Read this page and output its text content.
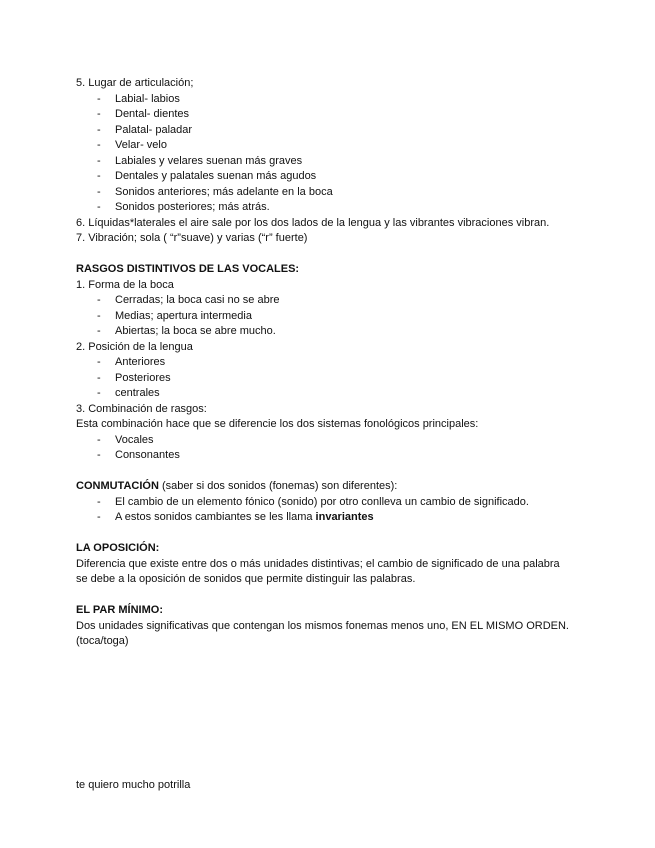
5. Lugar de articulación;
- Labial- labios
- Dental- dientes
- Palatal- paladar
- Velar- velo
- Labiales y velares suenan más graves
- Dentales y palatales suenan más agudos
- Sonidos anteriores; más adelante en la boca
- Sonidos posteriores; más atrás.
6. Líquidas*laterales el aire sale por los dos lados de la lengua y las vibrantes vibraciones vibran.
7. Vibración; sola ( “r”suave) y varias (“r” fuerte)
RASGOS DISTINTIVOS DE LAS VOCALES:
1. Forma de la boca
- Cerradas; la boca casi no se abre
- Medias; apertura intermedia
- Abiertas; la boca se abre mucho.
2. Posición de la lengua
- Anteriores
- Posteriores
- centrales
3. Combinación de rasgos:
Esta combinación hace que se diferencie los dos sistemas fonológicos principales:
- Vocales
- Consonantes
CONMUTACIÓN (saber si dos sonidos (fonemas) son diferentes):
- El cambio de un elemento fónico (sonido) por otro conlleva un cambio de significado.
- A estos sonidos cambiantes se les llama invariantes
LA OPOSICIÓN:
Diferencia que existe entre dos o más unidades distintivas; el cambio de significado de una palabra se debe a la oposición de sonidos que permite distinguir las palabras.
EL PAR MÍNIMO:
Dos unidades significativas que contengan los mismos fonemas menos uno, EN EL MISMO ORDEN. (toca/toga)
te quiero mucho potrilla
